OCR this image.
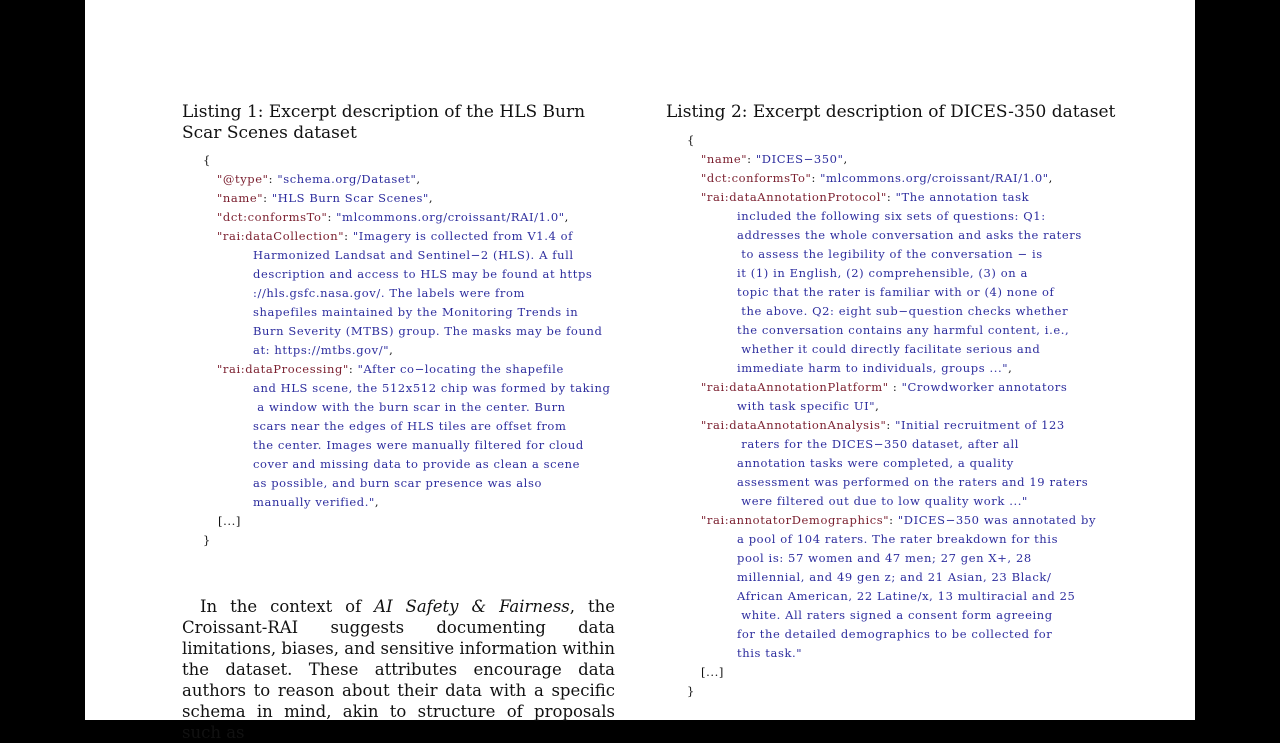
Listing 1: Excerpt description of the HLS Burn Scar Scenes dataset
{
"@type": "schema.org/Dataset",
"name": "HLS Burn Scar Scenes",
"dct:conformsTo": "mlcommons.org/croissant/RAI/1.0",
"rai:dataCollection": "Imagery is collected from V1.4 of
Harmonized Landsat and Sentinel−2 (HLS). A full
description and access to HLS may be found at https
://hls.gsfc.nasa.gov/. The labels were from
shapefiles maintained by the Monitoring Trends in
Burn Severity (MTBS) group. The masks may be found
at: https://mtbs.gov/",
"rai:dataProcessing": "After co−locating the shapefile
and HLS scene, the 512x512 chip was formed by taking
a window with the burn scar in the center. Burn
scars near the edges of HLS tiles are offset from
the center. Images were manually filtered for cloud
cover and missing data to provide as clean a scene
as possible, and burn scar presence was also
manually verified.",
[...]
}
Listing 2: Excerpt description of DICES-350 dataset
{
"name": "DICES−350",
"dct:conformsTo": "mlcommons.org/croissant/RAI/1.0",
"rai:dataAnnotationProtocol": "The annotation task
included the following six sets of questions: Q1:
addresses the whole conversation and asks the raters
to assess the legibility of the conversation − is
it (1) in English, (2) comprehensible, (3) on a
topic that the rater is familiar with or (4) none of
the above. Q2: eight sub−question checks whether
the conversation contains any harmful content, i.e.,
whether it could directly facilitate serious and
immediate harm to individuals, groups ...",
"rai:dataAnnotationPlatform" : "Crowdworker annotators
with task specific UI",
"rai:dataAnnotationAnalysis": "Initial recruitment of 123
raters for the DICES−350 dataset, after all
annotation tasks were completed, a quality
assessment was performed on the raters and 19 raters
were filtered out due to low quality work ..."
"rai:annotatorDemographics": "DICES−350 was annotated by
a pool of 104 raters. The rater breakdown for this
pool is: 57 women and 47 men; 27 gen X+, 28
millennial, and 49 gen z; and 21 Asian, 23 Black/
African American, 22 Latine/x, 13 multiracial and 25
white. All raters signed a consent form agreeing
for the detailed demographics to be collected for
this task."
[...]
}
In the context of AI Safety & Fairness, the Croissant-RAI suggests documenting data limitations, biases, and sensitive information within the dataset. These attributes encourage data authors to reason about their data with a specific schema in mind, akin to structure of proposals such as
